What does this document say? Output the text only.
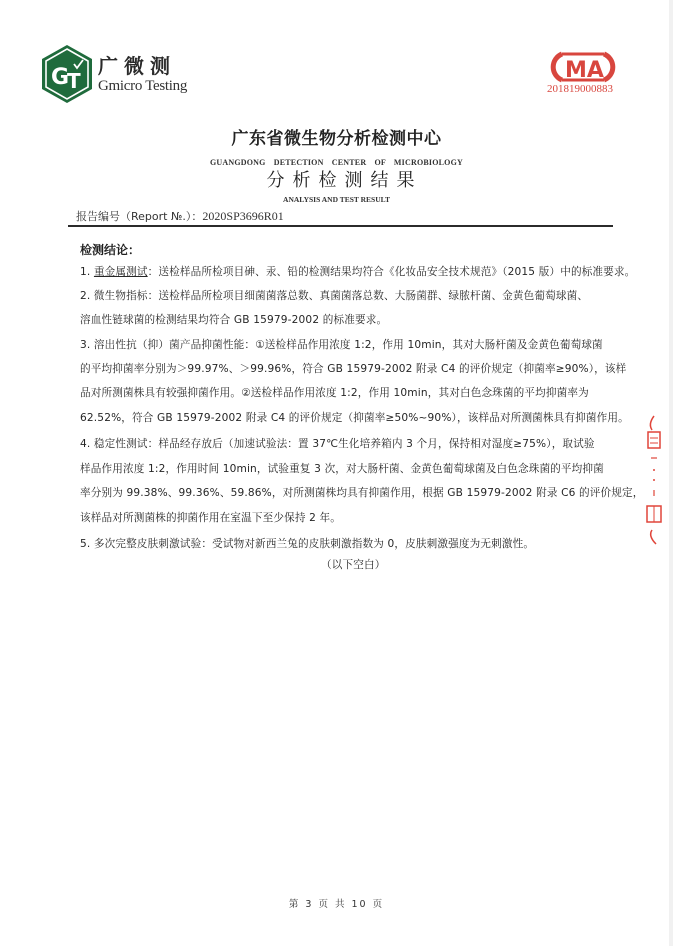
G
T
广微测
Gmicro Testing
MA
201819000883
广东省微生物分析检测中心
GUANGDONG DETECTION CENTER OF MICROBIOLOGY
分析检测结果
ANALYSIS AND TEST RESULT
报告编号（Report №.）：2020SP3696R01
检测结论：
1. 重金属测试：送检样品所检项目砷、汞、铅的检测结果均符合《化妆品安全技术规范》（2015 版）中的标准要求。
2. 微生物指标：送检样品所检项目细菌菌落总数、真菌菌落总数、大肠菌群、绿脓杆菌、金黄色葡萄球菌、
溶血性链球菌的检测结果均符合 GB 15979-2002 的标准要求。
3. 溶出性抗（抑）菌产品抑菌性能：①送检样品作用浓度 1:2，作用 10min，其对大肠杆菌及金黄色葡萄球菌
的平均抑菌率分别为＞99.97%、＞99.96%，符合 GB 15979-2002 附录 C4 的评价规定（抑菌率≥90%），该样
品对所测菌株具有较强抑菌作用。②送检样品作用浓度 1:2，作用 10min，其对白色念珠菌的平均抑菌率为
62.52%，符合 GB 15979-2002 附录 C4 的评价规定（抑菌率≥50%~90%），该样品对所测菌株具有抑菌作用。
4. 稳定性测试：样品经存放后（加速试验法：置 37℃生化培养箱内 3 个月，保持相对湿度≥75%），取试验
样品作用浓度 1:2，作用时间 10min，试验重复 3 次，对大肠杆菌、金黄色葡萄球菌及白色念珠菌的平均抑菌
率分别为 99.38%、99.36%、59.86%，对所测菌株均具有抑菌作用，根据 GB 15979-2002 附录 C6 的评价规定，
该样品对所测菌株的抑菌作用在室温下至少保持 2 年。
5. 多次完整皮肤刺激试验：受试物对新西兰兔的皮肤刺激指数为 0，皮肤刺激强度为无刺激性。
（以下空白）
第 3 页 共 10 页
